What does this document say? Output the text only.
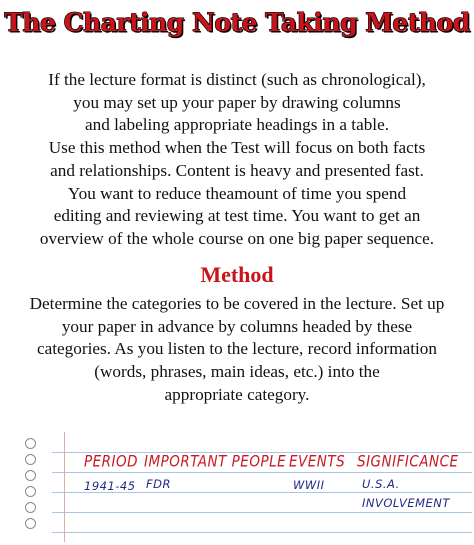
The Charting Note Taking Method
If the lecture format is distinct (such as chronological),
you may set up your paper by drawing columns
and labeling appropriate headings in a table.
Use this method when the Test will focus on both facts
and relationships. Content is heavy and presented fast.
You want to reduce theamount of time you spend
editing and reviewing at test time. You want to get an
overview of the whole course on one big paper sequence.
Method
Determine the categories to be covered in the lecture. Set up
your paper in advance by columns headed by these
categories. As you listen to the lecture, record information
(words, phrases, main ideas, etc.) into the
appropriate category.
PERIOD IMPORTANT PEOPLE EVENTS SIGNIFICANCE
1941-45 FDR	WWII	U.S.A.
INVOLVEMENT
